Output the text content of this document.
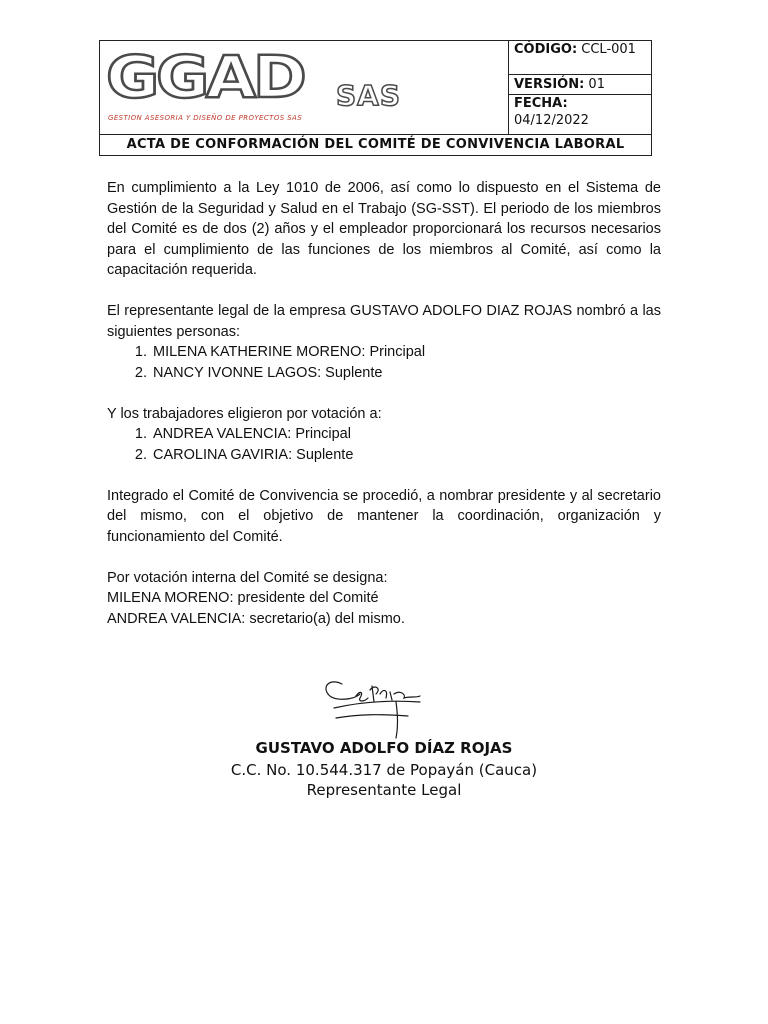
GGAD SAS
GESTION ASESORIA Y DISEÑO DE PROYECTOS SAS
CÓDIGO: CCL-001
VERSIÓN: 01
FECHA:
04/12/2022
ACTA DE CONFORMACIÓN DEL COMITÉ DE CONVIVENCIA LABORAL

En cumplimiento a la Ley 1010 de 2006, así como lo dispuesto en el Sistema de Gestión de la Seguridad y Salud en el Trabajo (SG-SST). El periodo de los miembros del Comité es de dos (2) años y el empleador proporcionará los recursos necesarios para el cumplimiento de las funciones de los miembros al Comité, así como la capacitación requerida.

El representante legal de la empresa GUSTAVO ADOLFO DIAZ ROJAS nombró a las siguientes personas:

1. MILENA KATHERINE MORENO: Principal
2. NANCY IVONNE LAGOS: Suplente

Y los trabajadores eligieron por votación a:

1. ANDREA VALENCIA: Principal
2. CAROLINA GAVIRIA: Suplente

Integrado el Comité de Convivencia se procedió, a nombrar presidente y al secretario del mismo, con el objetivo de mantener la coordinación, organización y funcionamiento del Comité.

Por votación interna del Comité se designa:
MILENA MORENO: presidente del Comité
ANDREA VALENCIA: secretario(a) del mismo.

GUSTAVO ADOLFO DÍAZ ROJAS
C.C. No. 10.544.317 de Popayán (Cauca)
Representante Legal
